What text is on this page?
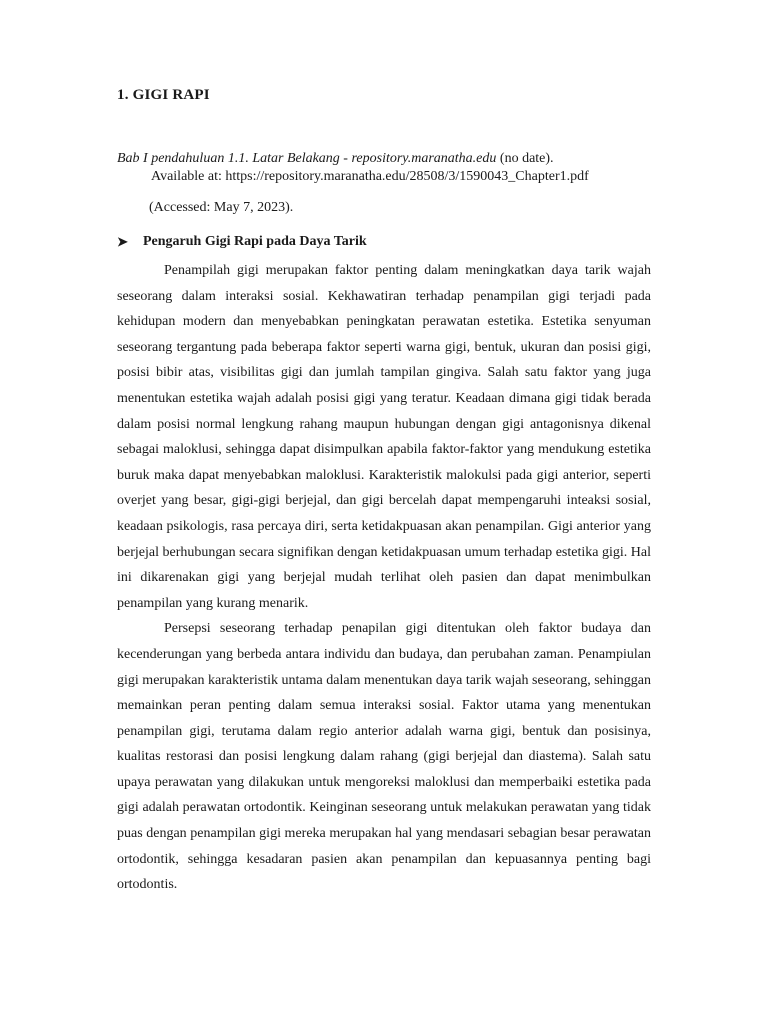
1. GIGI RAPI
Bab I pendahuluan 1.1. Latar Belakang - repository.maranatha.edu (no date).
Available at: https://repository.maranatha.edu/28508/3/1590043_Chapter1.pdf
(Accessed: May 7, 2023).
➤	Pengaruh Gigi Rapi pada Daya Tarik

Penampilah gigi merupakan faktor penting dalam meningkatkan daya tarik wajah seseorang dalam interaksi sosial. Kekhawatiran terhadap penampilan gigi terjadi pada kehidupan modern dan menyebabkan peningkatan perawatan estetika. Estetika senyuman seseorang tergantung pada beberapa faktor seperti warna gigi, bentuk, ukuran dan posisi gigi, posisi bibir atas, visibilitas gigi dan jumlah tampilan gingiva. Salah satu faktor yang juga menentukan estetika wajah adalah posisi gigi yang teratur. Keadaan dimana gigi tidak berada dalam posisi normal lengkung rahang maupun hubungan dengan gigi antagonisnya dikenal sebagai maloklusi, sehingga dapat disimpulkan apabila faktor-faktor yang mendukung estetika buruk maka dapat menyebabkan maloklusi. Karakteristik malokulsi pada gigi anterior, seperti overjet yang besar, gigi-gigi berjejal, dan gigi bercelah dapat mempengaruhi inteaksi sosial, keadaan psikologis, rasa percaya diri, serta ketidakpuasan akan penampilan. Gigi anterior yang berjejal berhubungan secara signifikan dengan ketidakpuasan umum terhadap estetika gigi. Hal ini dikarenakan gigi yang berjejal mudah terlihat oleh pasien dan dapat menimbulkan penampilan yang kurang menarik.

Persepsi seseorang terhadap penapilan gigi ditentukan oleh faktor budaya dan kecenderungan yang berbeda antara individu dan budaya, dan perubahan zaman. Penampiulan gigi merupakan karakteristik untama dalam menentukan daya tarik wajah seseorang, sehinggan memainkan peran penting dalam semua interaksi sosial. Faktor utama yang menentukan penampilan gigi, terutama dalam regio anterior adalah warna gigi, bentuk dan posisinya, kualitas restorasi dan posisi lengkung dalam rahang (gigi berjejal dan diastema). Salah satu upaya perawatan yang dilakukan untuk mengoreksi maloklusi dan memperbaiki estetika pada gigi adalah perawatan ortodontik. Keinginan seseorang untuk melakukan perawatan yang tidak puas dengan penampilan gigi mereka merupakan hal yang mendasari sebagian besar perawatan ortodontik, sehingga kesadaran pasien akan penampilan dan kepuasannya penting bagi ortodontis.
